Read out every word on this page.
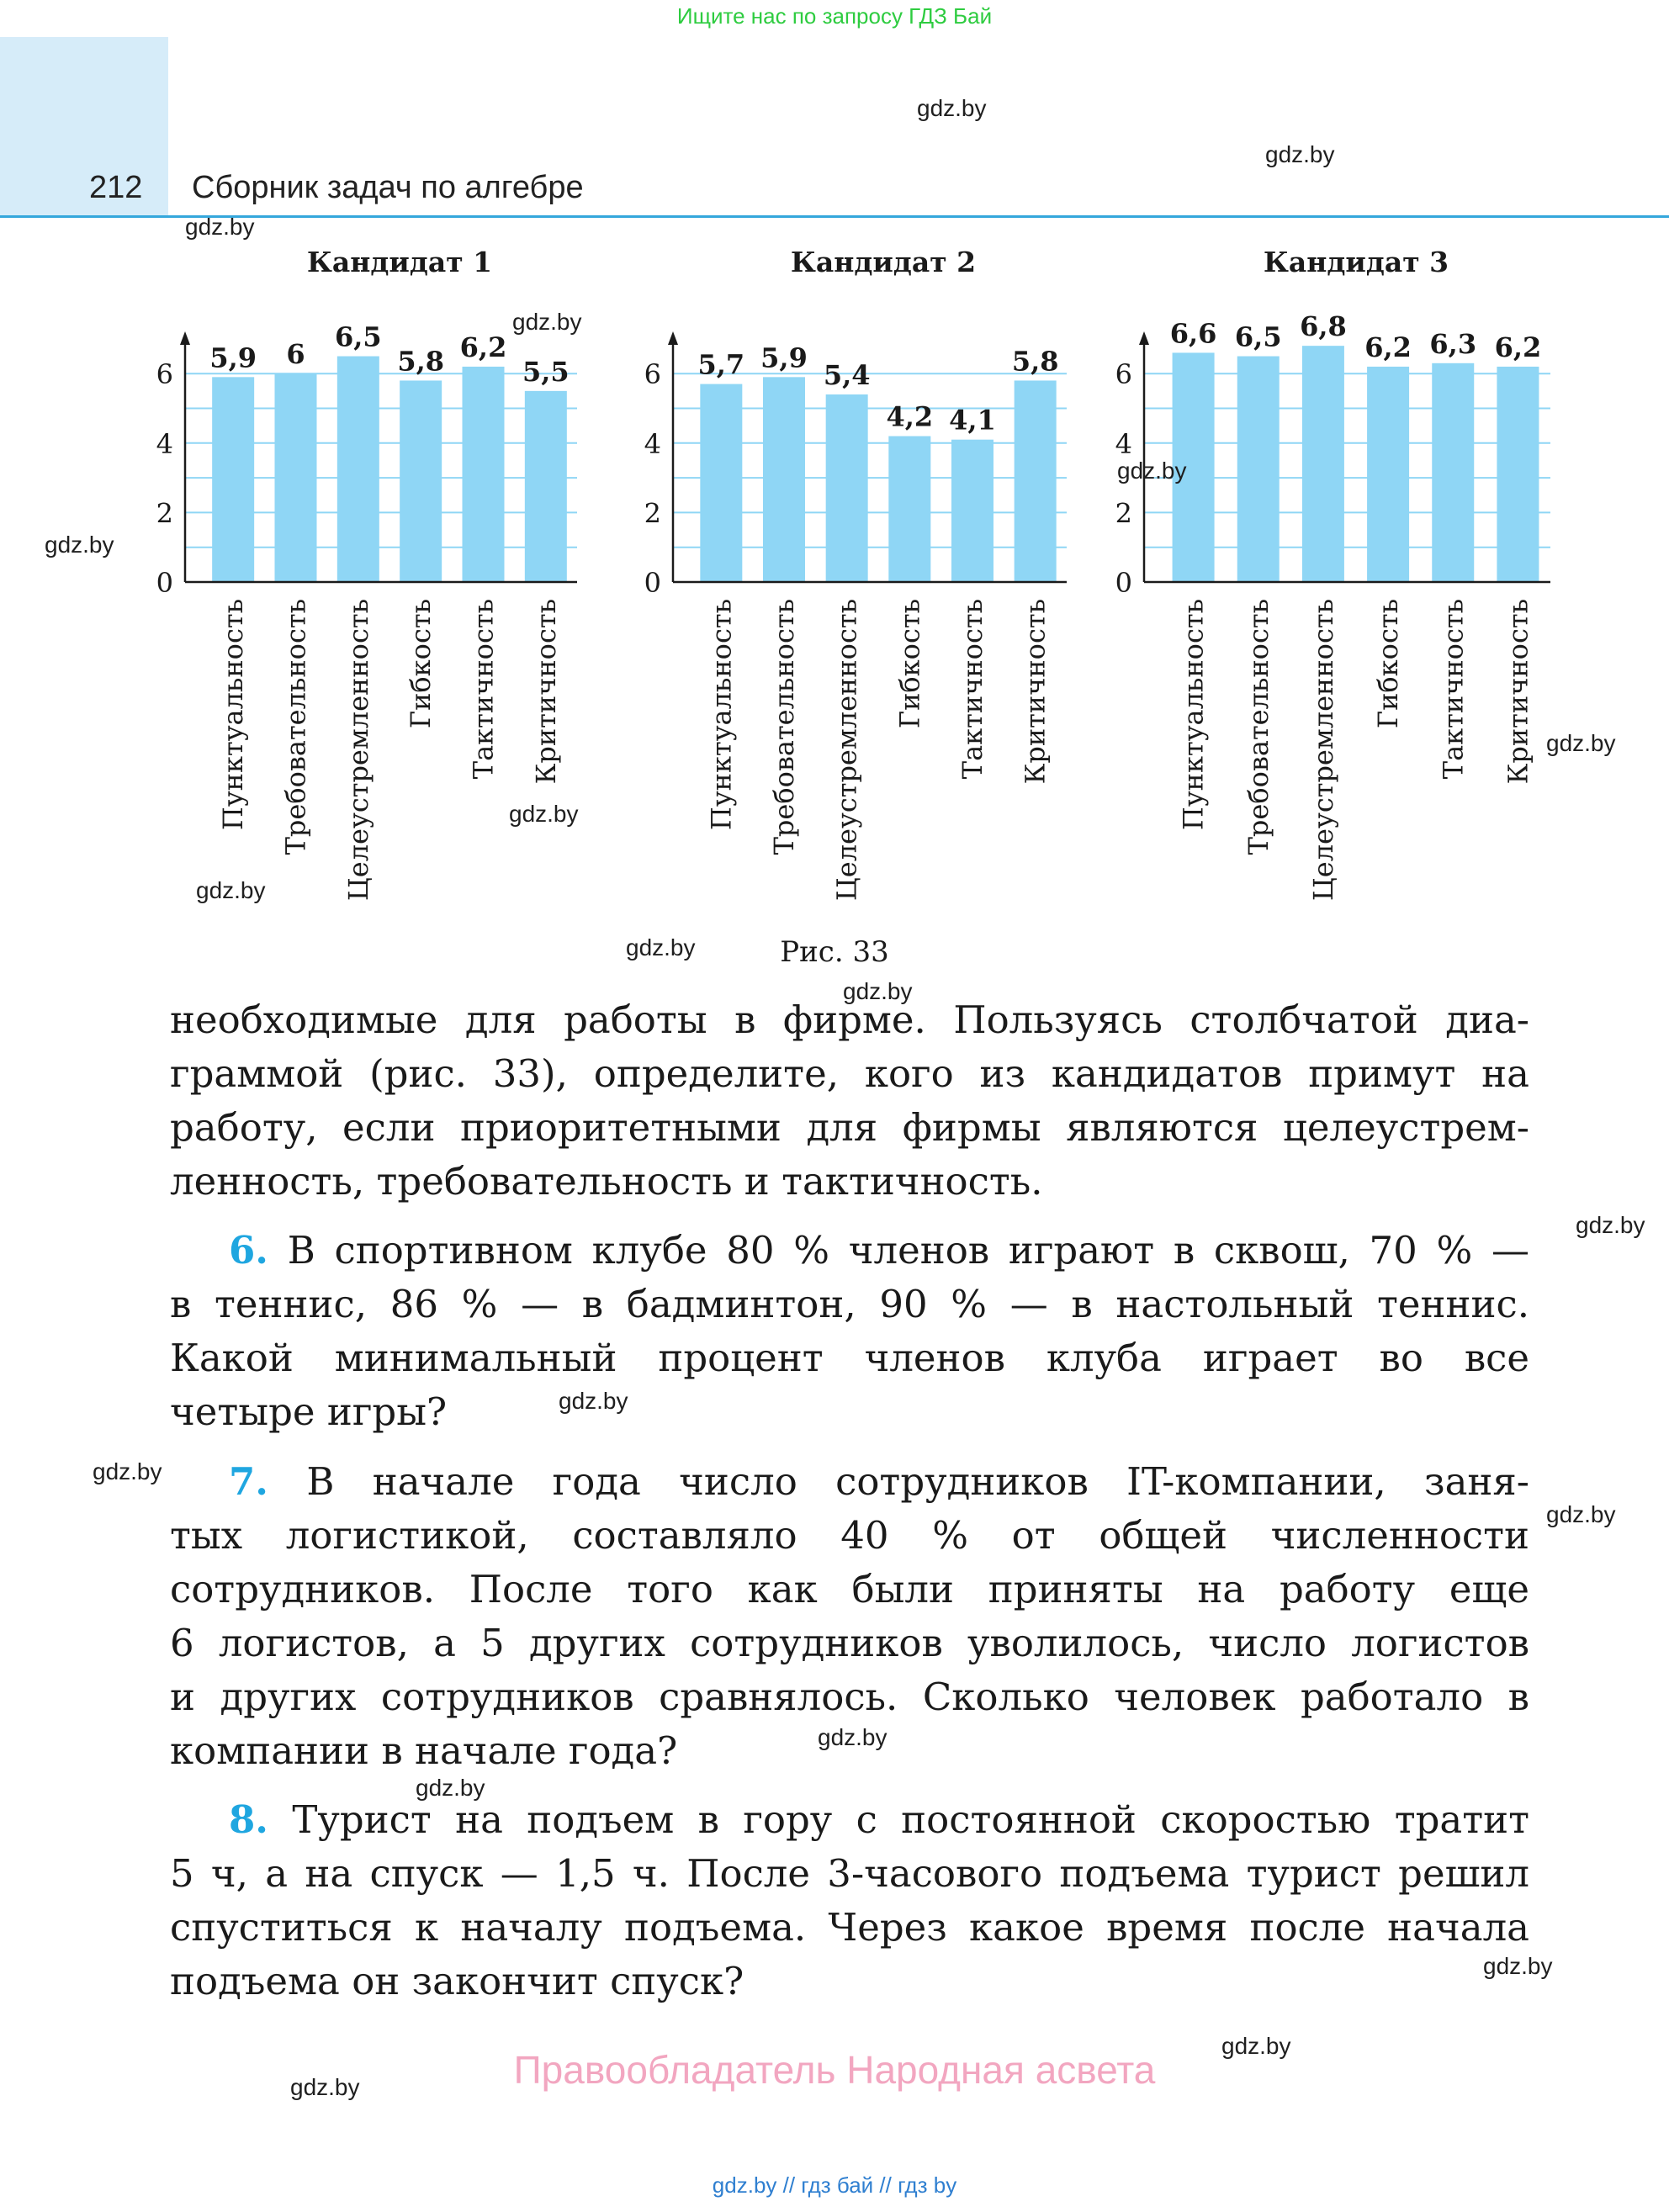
Ищите нас по запросу ГДЗ Бай
212 Сборник задач по алгебре
Кандидат 1	Кандидат 2	Кандидат 3
5,9
Пунктуальность
6
Требовательность
6,5
Целеустремленность
5,8
Гибкость
6,2
Тактичность
5,5
Критичность
0
2
4
6	5,7
Пунктуальность
5,9
Требовательность
5,4
Целеустремленность
4,2
Гибкость
4,1
Тактичность
5,8
Критичность
0
2
4
6
6,6
Пунктуальность
6,5
Требовательность
6,8
Целеустремленность
6,2
Гибкость
6,3
Тактичность
6,2
Критичность
0
2
4
6
Рис. 33
необходимые для работы в фирме. Пользуясь столбчатой диа-
граммой (рис. 33), определите, кого из кандидатов примут на
работу, если приоритетными для фирмы являются целеустрем-
ленность, требовательность и тактичность.
6. В спортивном клубе 80 % членов играют в сквош, 70 % —
в теннис, 86 % — в бадминтон, 90 % — в настольный теннис.
Какой минимальный процент членов клуба играет во все
четыре игры?
7. В начале года число сотрудников IT-компании, заня-
тых логистикой, составляло 40 % от общей численности
сотрудников. После того как были приняты на работу еще
6 логистов, а 5 других сотрудников уволилось, число логистов
и других сотрудников сравнялось. Сколько человек работало в
компании в начале года?
8. Турист на подъем в гору с постоянной скоростью тратит
5 ч, а на спуск — 1,5 ч. После 3-часового подъема турист решил
спуститься к началу подъема. Через какое время после начала
подъема он закончит спуск?
Правообладатель Народная асвета
gdz.by // гдз бай // гдз by
gdz.by
gdz.by
gdz.by
gdz.by
gdz.by
gdz.by
gdz.by
gdz.by
gdz.by
gdz.by
gdz.by
gdz.by
gdz.by
gdz.by
gdz.by
gdz.by
gdz.by
gdz.by
gdz.by
gdz.by
